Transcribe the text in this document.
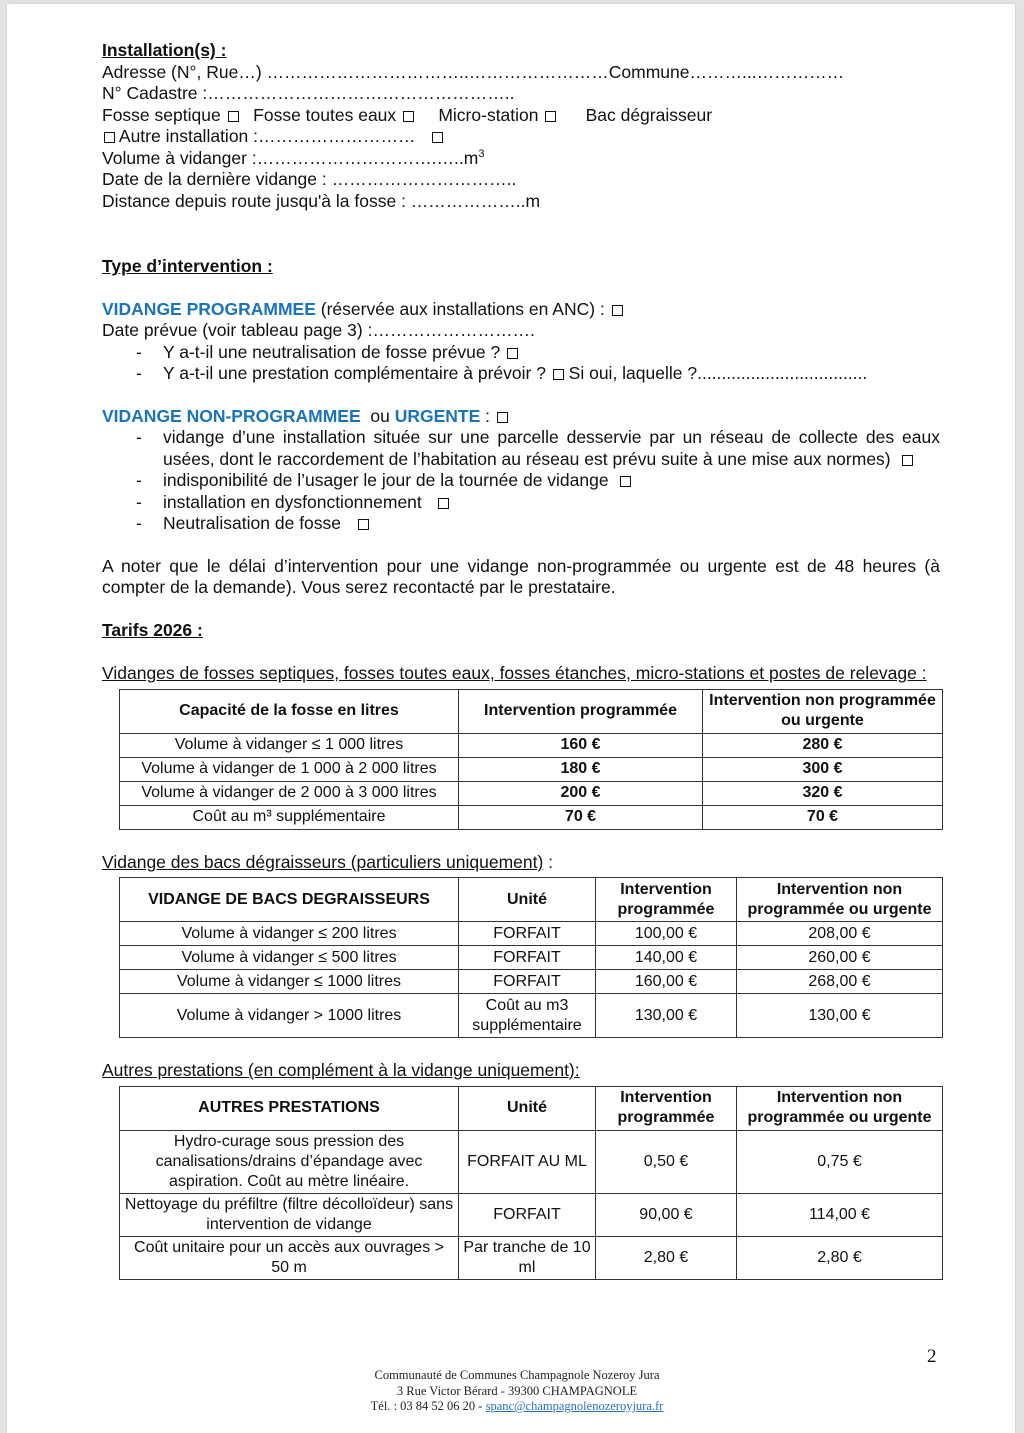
Installation(s) :

Adresse (N°, Rue…) ……………………………..……………………Commune………...……………

N° Cadastre :……………………………………………..

Fosse septique Fosse toutes eaux Micro-station	Bac dégraisseur

Autre installation :………………………

Volume à vidanger $:\dots\dots\dots\dots\dots\dots\dots\dots\dots\dots.\dots..m^3$

Date de la dernière vidange : …………………………..

Distance depuis route jusqu'à la fosse : ………………..m

Type d’intervention :

VIDANGE PROGRAMMEE (réservée aux installations en ANC) :

Date prévue (voir tableau page 3) :……………………….

- Y a-t-il une neutralisation de fosse prévue ?
- Y a-t-il une prestation complémentaire à prévoir ?  Si oui, laquelle ?...................................

VIDANGE NON-PROGRAMMEE  ou URGENTE :

- vidange d’une installation située sur une parcelle desservie par un réseau de collecte des eaux usées, dont le raccordement de l’habitation au réseau est prévu suite à une mise aux normes)
- indisponibilité de l’usager le jour de la tournée de vidange
- installation en dysfonctionnement
- Neutralisation de fosse

A noter que le délai d’intervention pour une vidange non-programmée ou urgente est de 48 heures (à compter de la demande). Vous serez recontacté par le prestataire.

Tarifs 2026 :

Vidanges de fosses septiques, fosses toutes eaux, fosses étanches, micro-stations et postes de relevage :

Capacité de la fosse en litres	Intervention programmée	Intervention non programmée ou urgente
Volume à vidanger ≤ 1 000 litres	160 €	280 €
Volume à vidanger de 1 000 à 2 000 litres	180 €	300 €
Volume à vidanger de 2 000 à 3 000 litres	200 €	320 €
Coût au m³ supplémentaire	70 €	70 €

Vidange des bacs dégraisseurs (particuliers uniquement) :

VIDANGE DE BACS DEGRAISSEURS	Unité	Intervention programmée	Intervention non programmée ou urgente
Volume à vidanger ≤ 200 litres	FORFAIT	100,00 €	208,00 €
Volume à vidanger ≤ 500 litres	FORFAIT	140,00 €	260,00 €
Volume à vidanger ≤ 1000 litres	FORFAIT	160,00 €	268,00 €
Volume à vidanger > 1000 litres	Coût au m3 supplémentaire	130,00 €	130,00 €

Autres prestations (en complément à la vidange uniquement):

AUTRES PRESTATIONS	Unité	Intervention programmée	Intervention non programmée ou urgente
Hydro-curage sous pression des canalisations/drains d’épandage avec aspiration. Coût au mètre linéaire.	FORFAIT AU ML	0,50 €	0,75 €
Nettoyage du préfiltre (filtre décolloïdeur) sans intervention de vidange	FORFAIT	90,00 €	114,00 €
Coût unitaire pour un accès aux ouvrages > 50 m	Par tranche de 10 ml	2,80 €	2,80 €
2
Communauté de Communes Champagnole Nozeroy Jura
3 Rue Victor Bérard - 39300 CHAMPAGNOLE
Tél. : 03 84 52 06 20 - spanc@champagnolenozeroyjura.fr
